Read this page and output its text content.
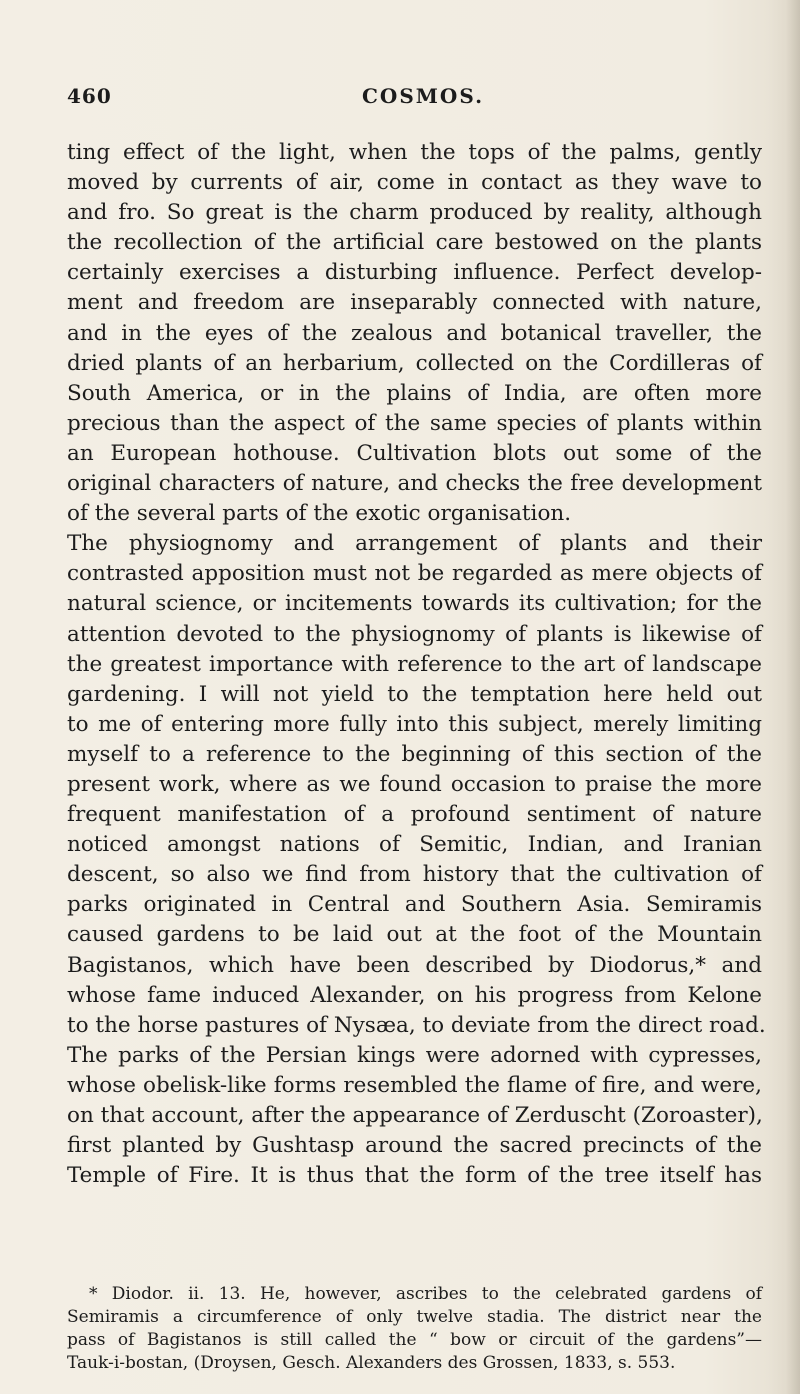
460	COSMOS.
ting effect of the light, when the tops of the palms, gently
moved by currents of air, come in contact as they wave to
and fro. So great is the charm produced by reality, although
the recollection of the artificial care bestowed on the plants
certainly exercises a disturbing influence. Perfect develop-
ment and freedom are inseparably connected with nature,
and in the eyes of the zealous and botanical traveller, the
dried plants of an herbarium, collected on the Cordilleras of
South America, or in the plains of India, are often more
precious than the aspect of the same species of plants within
an European hothouse. Cultivation blots out some of the
original characters of nature, and checks the free development
of the several parts of the exotic organisation.
The physiognomy and arrangement of plants and their
contrasted apposition must not be regarded as mere objects of
natural science, or incitements towards its cultivation; for the
attention devoted to the physiognomy of plants is likewise of
the greatest importance with reference to the art of landscape
gardening. I will not yield to the temptation here held out
to me of entering more fully into this subject, merely limiting
myself to a reference to the beginning of this section of the
present work, where as we found occasion to praise the more
frequent manifestation of a profound sentiment of nature
noticed amongst nations of Semitic, Indian, and Iranian
descent, so also we find from history that the cultivation of
parks originated in Central and Southern Asia. Semiramis
caused gardens to be laid out at the foot of the Mountain
Bagistanos, which have been described by Diodorus,* and
whose fame induced Alexander, on his progress from Kelone
to the horse pastures of Nysæa, to deviate from the direct road.
The parks of the Persian kings were adorned with cypresses,
whose obelisk-like forms resembled the flame of fire, and were,
on that account, after the appearance of Zerduscht (Zoroaster),
first planted by Gushtasp around the sacred precincts of the
Temple of Fire. It is thus that the form of the tree itself has
* Diodor. ii. 13. He, however, ascribes to the celebrated gardens of
Semiramis a circumference of only twelve stadia. The district near the
pass of Bagistanos is still called the “ bow or circuit of the gardens”—
Tauk-i-bostan, (Droysen, Gesch. Alexanders des Grossen, 1833, s. 553.
